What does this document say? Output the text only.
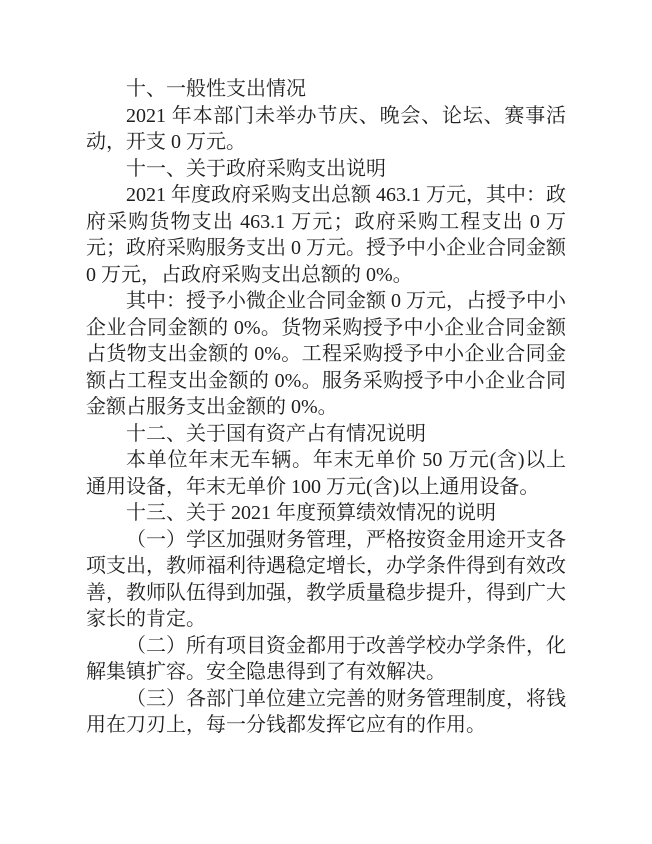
十、一般性支出情况

2021 年本部门未举办节庆、晚会、论坛、赛事活动，开支 0 万元。

十一、关于政府采购支出说明

2021 年度政府采购支出总额 463.1 万元，其中：政府采购货物支出 463.1 万元；政府采购工程支出 0 万元；政府采购服务支出 0 万元。授予中小企业合同金额 0 万元，占政府采购支出总额的 0%。

其中：授予小微企业合同金额 0 万元，占授予中小企业合同金额的 0%。货物采购授予中小企业合同金额占货物支出金额的 0%。工程采购授予中小企业合同金额占工程支出金额的 0%。服务采购授予中小企业合同金额占服务支出金额的 0%。

十二、关于国有资产占有情况说明

本单位年末无车辆。年末无单价 50 万元(含)以上通用设备，年末无单价 100 万元(含)以上通用设备。

十三、关于 2021 年度预算绩效情况的说明

（一）学区加强财务管理，严格按资金用途开支各项支出，教师福利待遇稳定增长，办学条件得到有效改善，教师队伍得到加强，教学质量稳步提升，得到广大家长的肯定。

（二）所有项目资金都用于改善学校办学条件，化解集镇扩容。安全隐患得到了有效解决。

（三）各部门单位建立完善的财务管理制度，将钱用在刀刃上，每一分钱都发挥它应有的作用。
